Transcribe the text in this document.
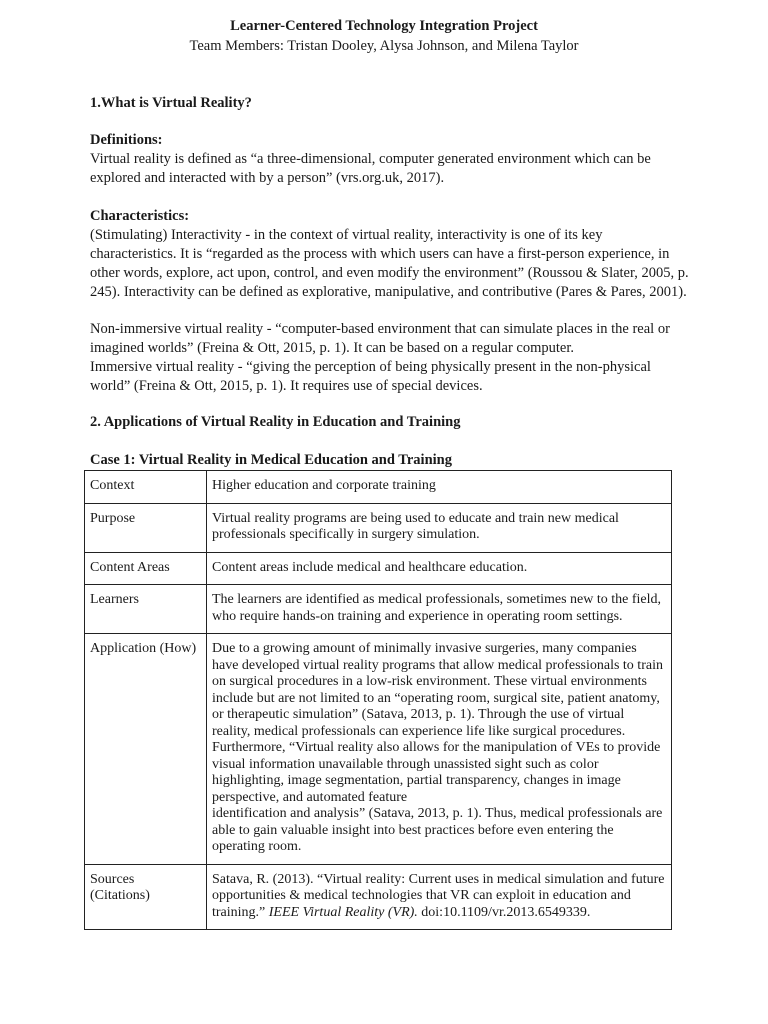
Learner-Centered Technology Integration Project
Team Members: Tristan Dooley, Alysa Johnson, and Milena Taylor
1.What is Virtual Reality?
Definitions:
Virtual reality is defined as “a three-dimensional, computer generated environment which can be explored and interacted with by a person” (vrs.org.uk, 2017).
Characteristics:
(Stimulating) Interactivity - in the context of virtual reality, interactivity is one of its key characteristics. It is “regarded as the process with which users can have a first-person experience, in other words, explore, act upon, control, and even modify the environment” (Roussou & Slater, 2005, p. 245). Interactivity can be defined as explorative, manipulative, and contributive (Pares & Pares, 2001).
Non-immersive virtual reality - “computer-based environment that can simulate places in the real or imagined worlds” (Freina & Ott, 2015, p. 1). It can be based on a regular computer.
Immersive virtual reality - “giving the perception of being physically present in the non-physical world” (Freina & Ott, 2015, p. 1). It requires use of special devices.
2. Applications of Virtual Reality in Education and Training
Case 1: Virtual Reality in Medical Education and Training
Context	Higher education and corporate training
Purpose	Virtual reality programs are being used to educate and train new medical professionals specifically in surgery simulation.
Content Areas	Content areas include medical and healthcare education.
Learners	The learners are identified as medical professionals, sometimes new to the field, who require hands-on training and experience in operating room settings.
Application (How)	Due to a growing amount of minimally invasive surgeries, many companies have developed virtual reality programs that allow medical professionals to train on surgical procedures in a low-risk environment. These virtual environments include but are not limited to an “operating room, surgical site, patient anatomy, or therapeutic simulation” (Satava, 2013, p. 1). Through the use of virtual reality, medical professionals can experience life like surgical procedures. Furthermore, “Virtual reality also allows for the manipulation of VEs to provide visual information unavailable through unassisted sight such as color highlighting, image segmentation, partial transparency, changes in image perspective, and automated feature
identification and analysis” (Satava, 2013, p. 1). Thus, medical professionals are able to gain valuable insight into best practices before even entering the operating room.
Sources
(Citations)	Satava, R. (2013). “Virtual reality: Current uses in medical simulation and future opportunities & medical technologies that VR can exploit in education and training.” IEEE Virtual Reality (VR). doi:10.1109/vr.2013.6549339.
